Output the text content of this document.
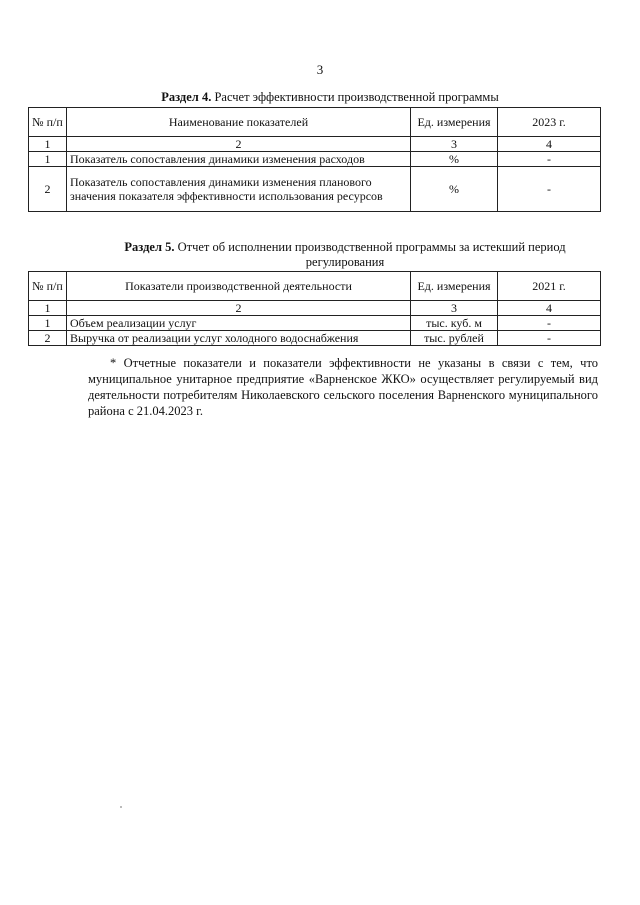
3
Раздел 4. Расчет эффективности производственной программы
№ п/п	Наименование показателей	Ед. измерения	2023 г.
1	2	3	4
1	Показатель сопоставления динамики изменения расходов	%	-
2	Показатель сопоставления динамики изменения планового значения показателя эффективности использования ресурсов	%	-
Раздел 5. Отчет об исполнении производственной программы за истекший период регулирования
№ п/п	Показатели производственной деятельности	Ед. измерения	2021 г.
1	2	3	4
1	Объем реализации услуг	тыс. куб. м	-
2	Выручка от реализации услуг холодного водоснабжения	тыс. рублей	-
* Отчетные показатели и показатели эффективности не указаны в связи с тем, что муниципальное унитарное предприятие «Варненское ЖКО» осуществляет регулируемый вид деятельности потребителям Николаевского сельского поселения Варненского муниципального района с 21.04.2023 г.
